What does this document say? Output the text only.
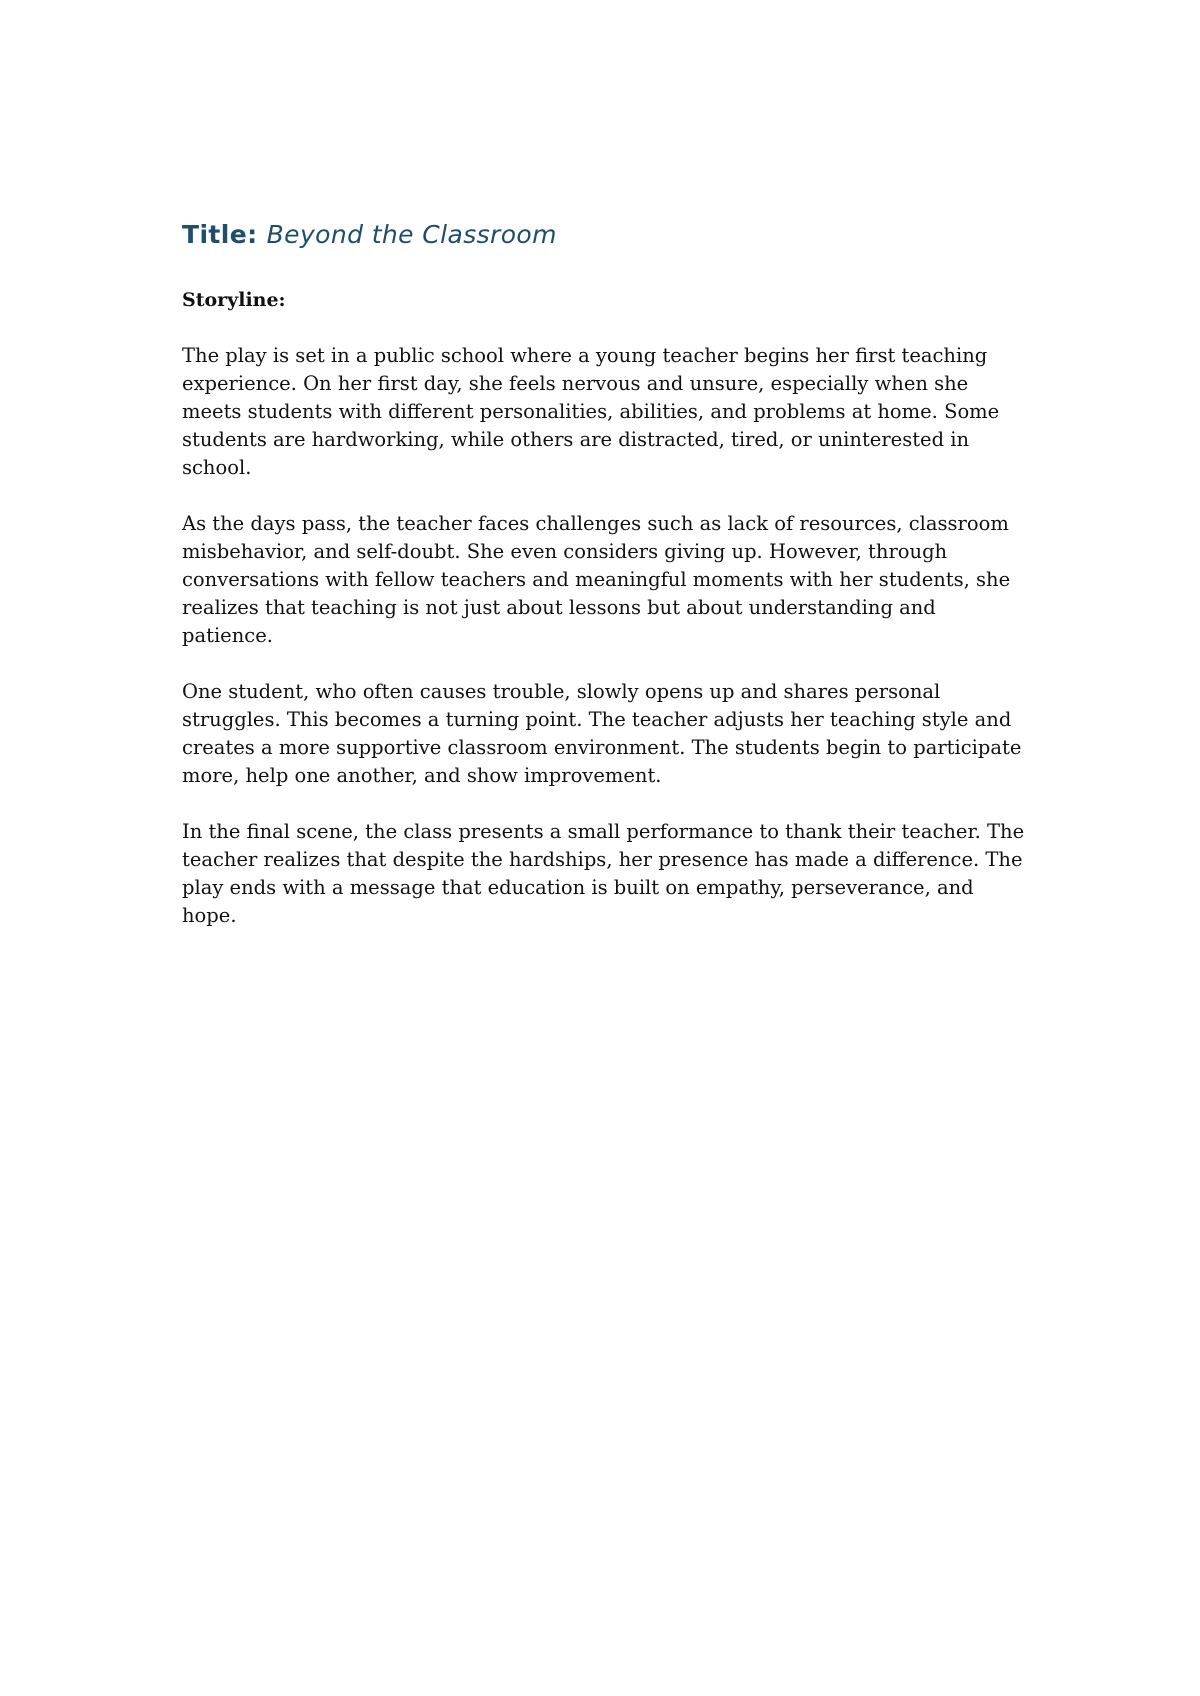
Title: Beyond the Classroom
Storyline:

The play is set in a public school where a young teacher begins her first teaching experience. On her first day, she feels nervous and unsure, especially when she meets students with different personalities, abilities, and problems at home. Some students are hardworking, while others are distracted, tired, or uninterested in school.

As the days pass, the teacher faces challenges such as lack of resources, classroom misbehavior, and self-doubt. She even considers giving up. However, through conversations with fellow teachers and meaningful moments with her students, she realizes that teaching is not just about lessons but about understanding and patience.

One student, who often causes trouble, slowly opens up and shares personal struggles. This becomes a turning point. The teacher adjusts her teaching style and creates a more supportive classroom environment. The students begin to participate more, help one another, and show improvement.

In the final scene, the class presents a small performance to thank their teacher. The teacher realizes that despite the hardships, her presence has made a difference. The play ends with a message that education is built on empathy, perseverance, and hope.
